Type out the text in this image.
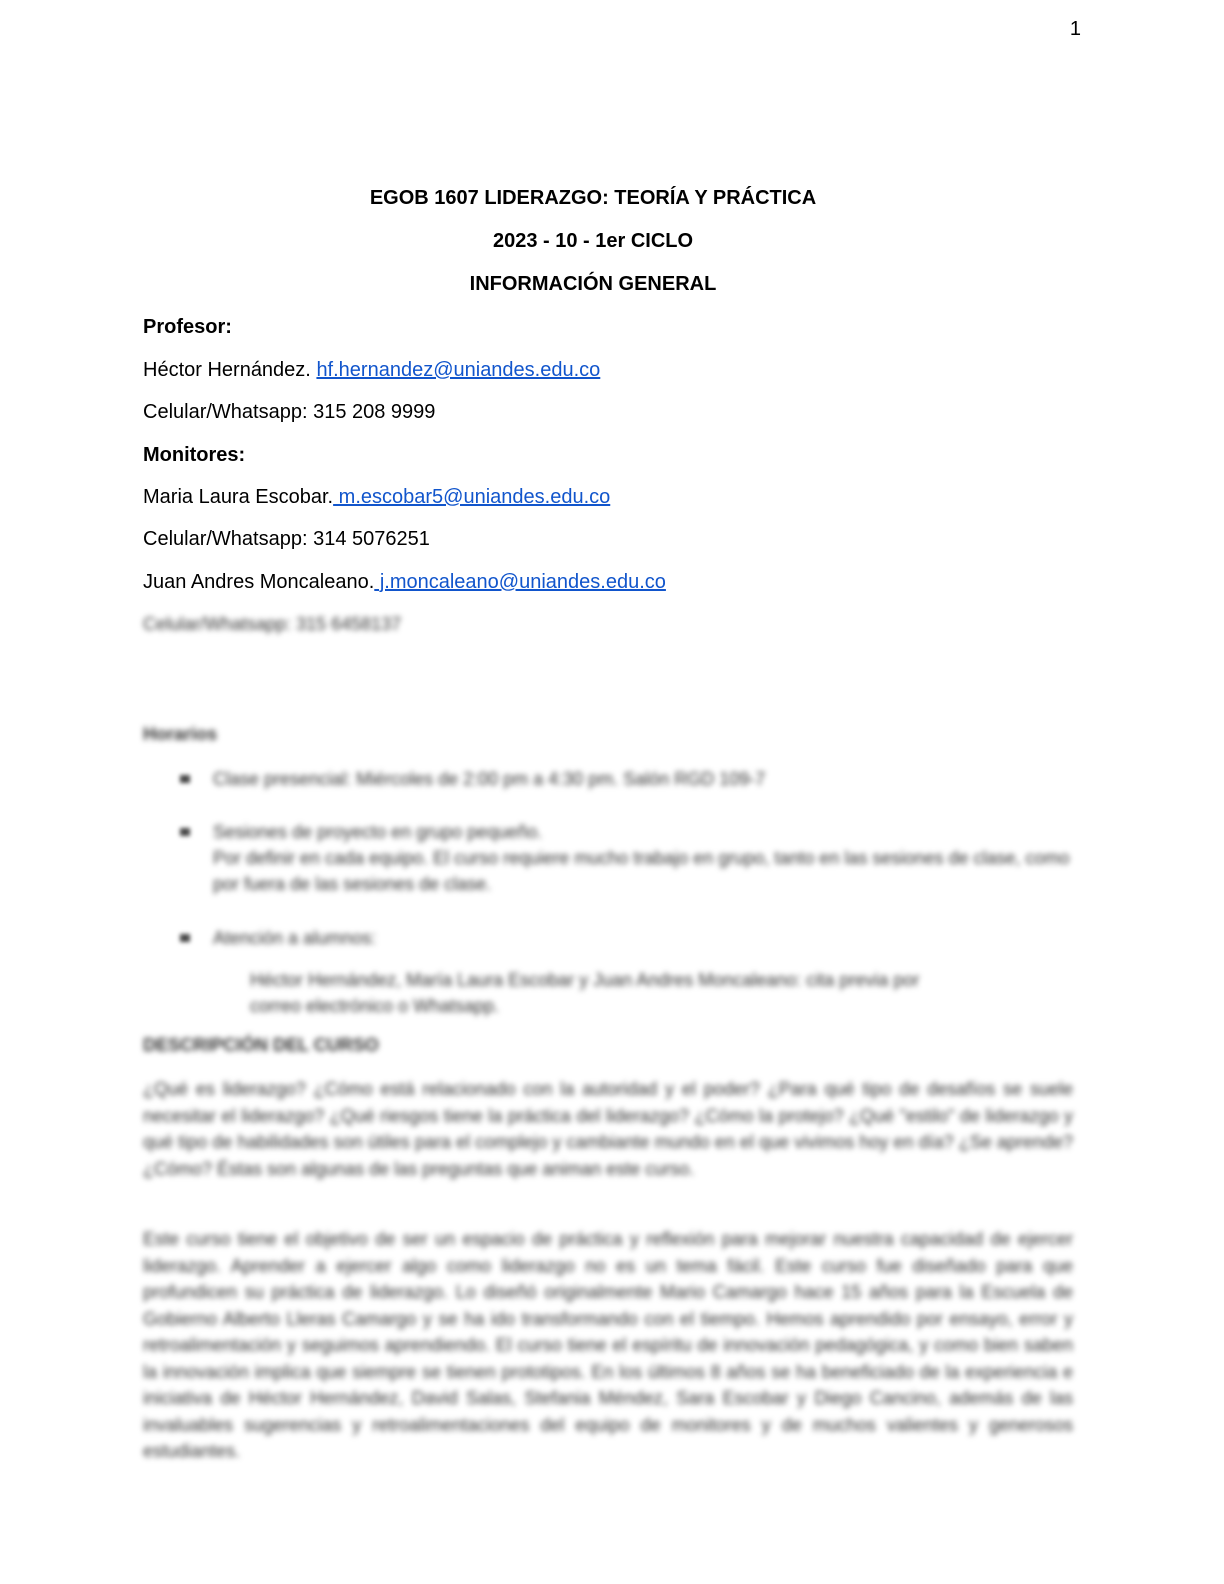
1
EGOB 1607 LIDERAZGO: TEORÍA Y PRÁCTICA
2023 - 10 - 1er CICLO
INFORMACIÓN GENERAL
Profesor:
Héctor Hernández. hf.hernandez@uniandes.edu.co
Celular/Whatsapp: 315 208 9999
Monitores:
Maria Laura Escobar. m.escobar5@uniandes.edu.co
Celular/Whatsapp: 314 5076251
Juan Andres Moncaleano. j.moncaleano@uniandes.edu.co
Celular/Whatsapp: 315 6458137
Horarios
Clase presencial: Miércoles de 2:00 pm a 4:30 pm. Salón RGD 109-7
Sesiones de proyecto en grupo pequeño.
Por definir en cada equipo. El curso requiere mucho trabajo en grupo, tanto en las sesiones de clase, como por fuera de las sesiones de clase.
Atención a alumnos:
Héctor Hernández, María Laura Escobar y Juan Andres Moncaleano: cita previa por correo electrónico o Whatsapp.
DESCRIPCIÓN DEL CURSO
¿Qué es liderazgo? ¿Cómo está relacionado con la autoridad y el poder? ¿Para qué tipo de desafíos se suele necesitar el liderazgo? ¿Qué riesgos tiene la práctica del liderazgo? ¿Cómo la protejo? ¿Qué "estilo" de liderazgo y qué tipo de habilidades son útiles para el complejo y cambiante mundo en el que vivimos hoy en día? ¿Se aprende? ¿Cómo? Éstas son algunas de las preguntas que animan este curso.
Este curso tiene el objetivo de ser un espacio de práctica y reflexión para mejorar nuestra capacidad de ejercer liderazgo. Aprender a ejercer algo como liderazgo no es un tema fácil. Este curso fue diseñado para que profundicen su práctica de liderazgo. Lo diseñó originalmente Mario Camargo hace 15 años para la Escuela de Gobierno Alberto Lleras Camargo y se ha ido transformando con el tiempo. Hemos aprendido por ensayo, error y retroalimentación y seguimos aprendiendo. El curso tiene el espíritu de innovación pedagógica, y como bien saben la innovación implica que siempre se tienen prototipos. En los últimos 8 años se ha beneficiado de la experiencia e iniciativa de Héctor Hernández, David Salas, Stefania Méndez, Sara Escobar y Diego Cancino, además de las invaluables sugerencias y retroalimentaciones del equipo de monitores y de muchos valientes y generosos estudiantes.
